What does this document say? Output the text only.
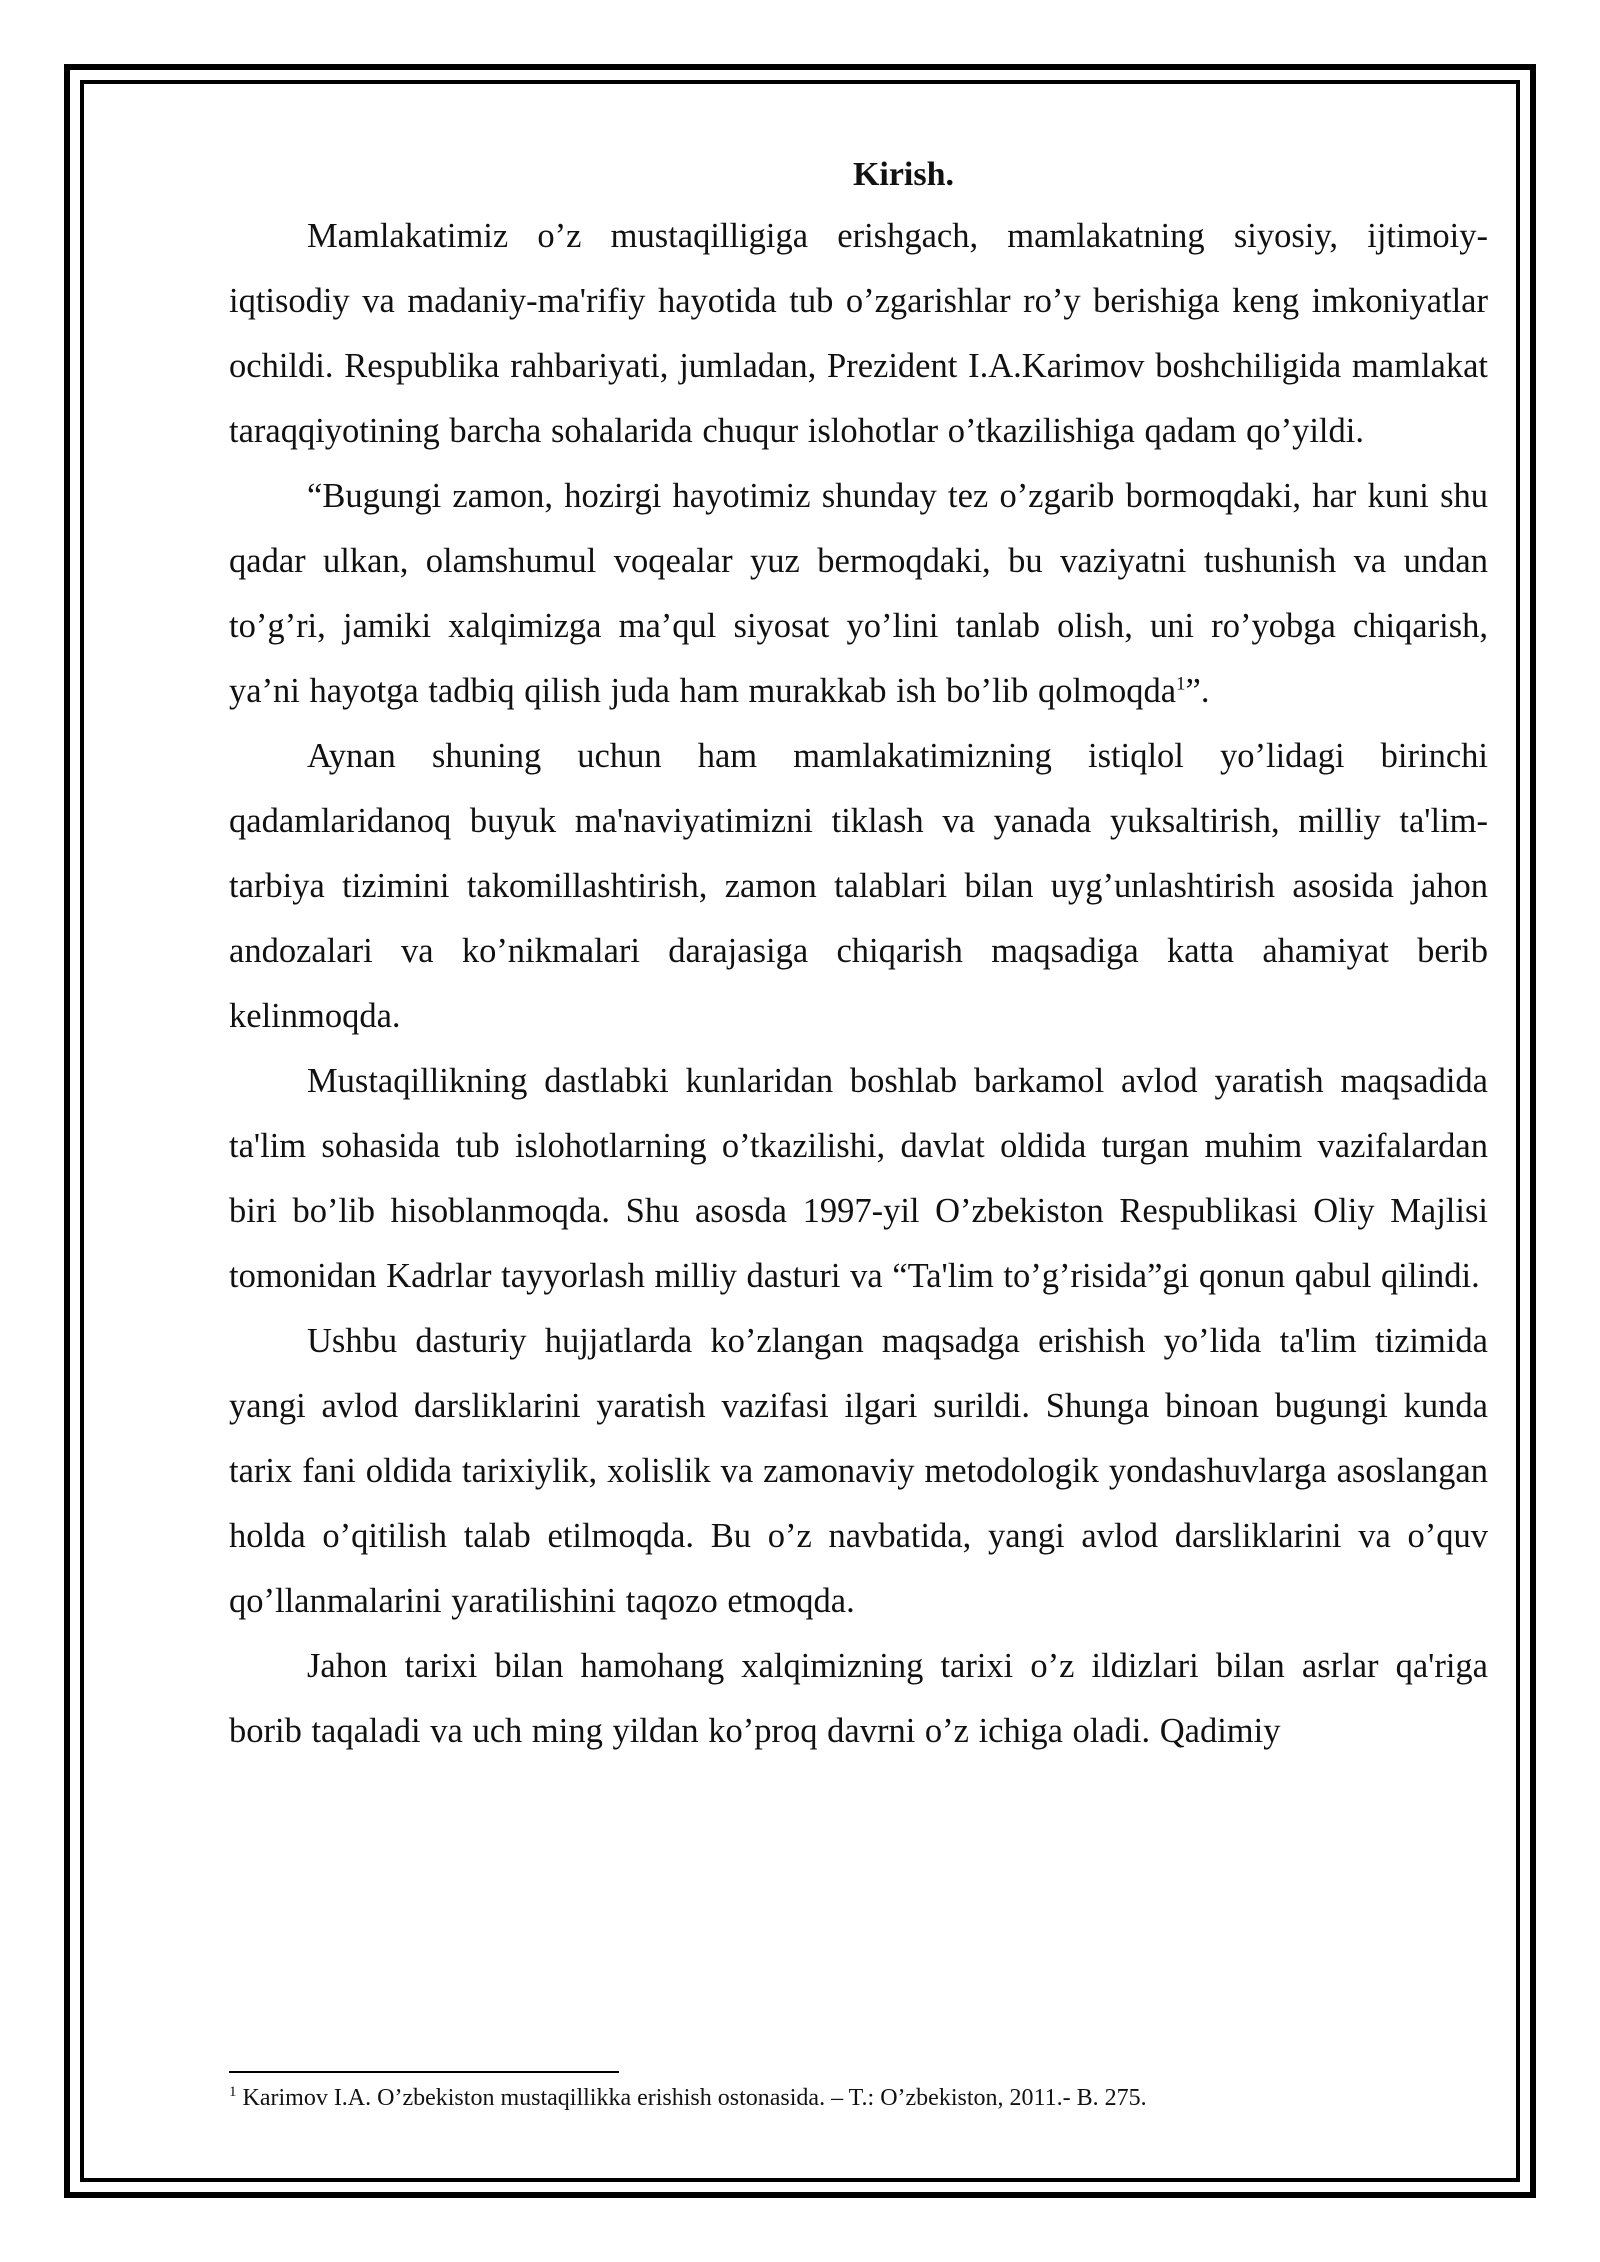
Kirish.

Mamlakatimiz o’z mustaqilligiga erishgach, mamlakatning siyosiy, ijtimoiy-iqtisodiy va madaniy-ma'rifiy hayotida tub o’zgarishlar ro’y berishiga keng imkoniyatlar ochildi. Respublika rahbariyati, jumladan, Prezident I.A.Karimov boshchiligida mamlakat taraqqiyotining barcha sohalarida chuqur islohotlar o’tkazilishiga qadam qo’yildi.

“Bugungi zamon, hozirgi hayotimiz shunday tez o’zgarib bormoqdaki, har kuni shu qadar ulkan, olamshumul voqealar yuz bermoqdaki, bu vaziyatni tushunish va undan to’g’ri, jamiki xalqimizga ma’qul siyosat yo’lini tanlab olish, uni ro’yobga chiqarish, ya’ni hayotga tadbiq qilish juda ham murakkab ish bo’lib qolmoqda$^1$”.

Aynan shuning uchun ham mamlakatimizning istiqlol yo’lidagi birinchi qadamlaridanoq buyuk ma'naviyatimizni tiklash va yanada yuksaltirish, milliy ta'lim-tarbiya tizimini takomillashtirish, zamon talablari bilan uyg’unlashtirish asosida jahon andozalari va ko’nikmalari darajasiga chiqarish maqsadiga katta ahamiyat berib kelinmoqda.

Mustaqillikning dastlabki kunlaridan boshlab barkamol avlod yaratish maqsadida ta'lim sohasida tub islohotlarning o’tkazilishi, davlat oldida turgan muhim vazifalardan biri bo’lib hisoblanmoqda. Shu asosda 1997-yil O’zbekiston Respublikasi Oliy Majlisi tomonidan Kadrlar tayyorlash milliy dasturi va “Ta'lim to’g’risida”gi qonun qabul qilindi.

Ushbu dasturiy hujjatlarda ko’zlangan maqsadga erishish yo’lida ta'lim tizimida yangi avlod darsliklarini yaratish vazifasi ilgari surildi. Shunga binoan bugungi kunda tarix fani oldida tarixiylik, xolislik va zamonaviy metodologik yondashuvlarga asoslangan holda o’qitilish talab etilmoqda. Bu o’z navbatida, yangi avlod darsliklarini va o’quv qo’llanmalarini yaratilishini taqozo etmoqda.

Jahon tarixi bilan hamohang xalqimizning tarixi o’z ildizlari bilan asrlar qa'riga borib taqaladi va uch ming yildan ko’proq davrni o’z ichiga oladi. Qadimiy

$^1$ Karimov I.A. O’zbekiston mustaqillikka erishish ostonasida. – T.: O’zbekiston, 2011.- B. 275.
